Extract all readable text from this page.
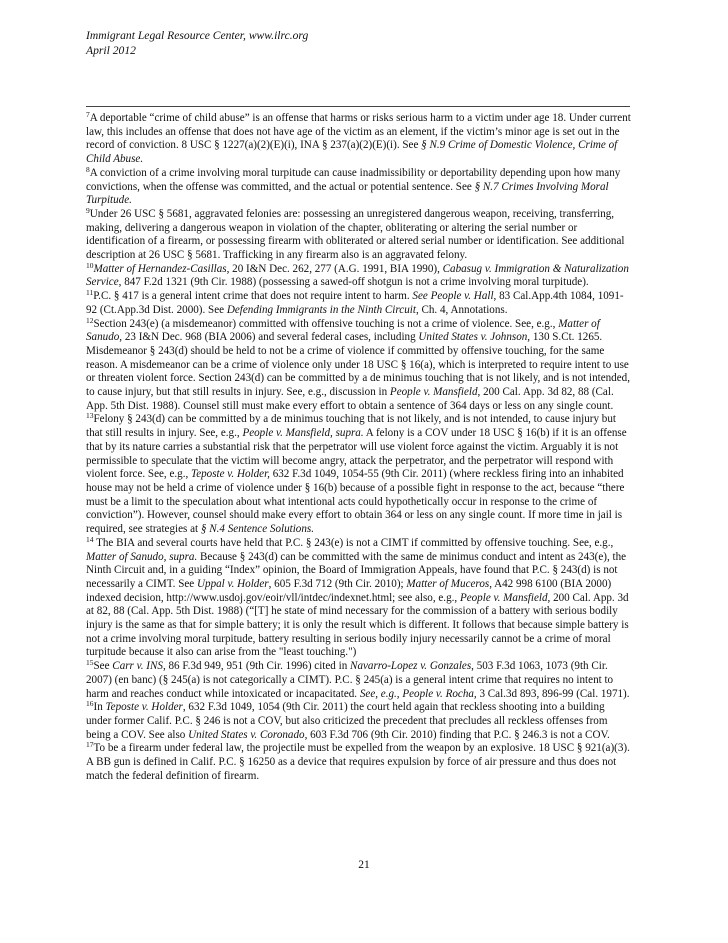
Immigrant Legal Resource Center, www.ilrc.org
April 2012

$^7$A deportable “crime of child abuse” is an offense that harms or risks serious harm to a victim under age 18. Under current law, this includes an offense that does not have age of the victim as an element, if the victim’s minor age is set out in the record of conviction. 8 USC § 1227(a)(2)(E)(i), INA § 237(a)(2)(E)(i). See § N.9 Crime of Domestic Violence, Crime of Child Abuse.

$^8$A conviction of a crime involving moral turpitude can cause inadmissibility or deportability depending upon how many convictions, when the offense was committed, and the actual or potential sentence. See § N.7 Crimes Involving Moral Turpitude.

$^9$Under 26 USC § 5681, aggravated felonies are: possessing an unregistered dangerous weapon, receiving, transferring, making, delivering a dangerous weapon in violation of the chapter, obliterating or altering the serial number or identification of a firearm, or possessing firearm with obliterated or altered serial number or identification. See additional description at 26 USC § 5681. Trafficking in any firearm also is an aggravated felony.

$^{10}$Matter of Hernandez-Casillas, 20 I&N Dec. 262, 277 (A.G. 1991, BIA 1990), Cabasug v. Immigration & Naturalization Service, 847 F.2d 1321 (9th Cir. 1988) (possessing a sawed-off shotgun is not a crime involving moral turpitude).

$^{11}$P.C. § 417 is a general intent crime that does not require intent to harm. See People v. Hall, 83 Cal.App.4th 1084, 1091-92 (Ct.App.3d Dist. 2000). See Defending Immigrants in the Ninth Circuit, Ch. 4, Annotations.

$^{12}$Section 243(e) (a misdemeanor) committed with offensive touching is not a crime of violence. See, e.g., Matter of Sanudo, 23 I&N Dec. 968 (BIA 2006) and several federal cases, including United States v. Johnson, 130 S.Ct. 1265. Misdemeanor § 243(d) should be held to not be a crime of violence if committed by offensive touching, for the same reason. A misdemeanor can be a crime of violence only under 18 USC § 16(a), which is interpreted to require intent to use or threaten violent force. Section 243(d) can be committed by a de minimus touching that is not likely, and is not intended, to cause injury, but that still results in injury. See, e.g., discussion in People v. Mansfield, 200 Cal. App. 3d 82, 88 (Cal. App. 5th Dist. 1988). Counsel still must make every effort to obtain a sentence of 364 days or less on any single count.

$^{13}$Felony § 243(d) can be committed by a de minimus touching that is not likely, and is not intended, to cause injury but that still results in injury. See, e.g., People v. Mansfield, supra. A felony is a COV under 18 USC § 16(b) if it is an offense that by its nature carries a substantial risk that the perpetrator will use violent force against the victim. Arguably it is not permissible to speculate that the victim will become angry, attack the perpetrator, and the perpetrator will respond with violent force. See, e.g., Teposte v. Holder, 632 F.3d 1049, 1054-55 (9th Cir. 2011) (where reckless firing into an inhabited house may not be held a crime of violence under § 16(b) because of a possible fight in response to the act, because “there must be a limit to the speculation about what intentional acts could hypothetically occur in response to the crime of conviction”). However, counsel should make every effort to obtain 364 or less on any single count. If more time in jail is required, see strategies at § N.4 Sentence Solutions.

$^{14}$ The BIA and several courts have held that P.C. § 243(e) is not a CIMT if committed by offensive touching. See, e.g., Matter of Sanudo, supra. Because § 243(d) can be committed with the same de minimus conduct and intent as 243(e), the Ninth Circuit and, in a guiding “Index” opinion, the Board of Immigration Appeals, have found that P.C. § 243(d) is not necessarily a CIMT. See Uppal v. Holder, 605 F.3d 712 (9th Cir. 2010); Matter of Muceros, A42 998 6100 (BIA 2000) indexed decision, http://www.usdoj.gov/eoir/vll/intdec/indexnet.html; see also, e.g., People v. Mansfield, 200 Cal. App. 3d at 82, 88 (Cal. App. 5th Dist. 1988) (“[T] he state of mind necessary for the commission of a battery with serious bodily injury is the same as that for simple battery; it is only the result which is different. It follows that because simple battery is not a crime involving moral turpitude, battery resulting in serious bodily injury necessarily cannot be a crime of moral turpitude because it also can arise from the "least touching.")

$^{15}$See Carr v. INS, 86 F.3d 949, 951 (9th Cir. 1996) cited in Navarro-Lopez v. Gonzales, 503 F.3d 1063, 1073 (9th Cir. 2007) (en banc) (§ 245(a) is not categorically a CIMT). P.C. § 245(a) is a general intent crime that requires no intent to harm and reaches conduct while intoxicated or incapacitated. See, e.g., People v. Rocha, 3 Cal.3d 893, 896-99 (Cal. 1971).

$^{16}$In Teposte v. Holder, 632 F.3d 1049, 1054 (9th Cir. 2011) the court held again that reckless shooting into a building under former Calif. P.C. § 246 is not a COV, but also criticized the precedent that precludes all reckless offenses from being a COV. See also United States v. Coronado, 603 F.3d 706 (9th Cir. 2010) finding that P.C. § 246.3 is not a COV.

$^{17}$To be a firearm under federal law, the projectile must be expelled from the weapon by an explosive. 18 USC § 921(a)(3). A BB gun is defined in Calif. P.C. § 16250 as a device that requires expulsion by force of air pressure and thus does not match the federal definition of firearm.

21
